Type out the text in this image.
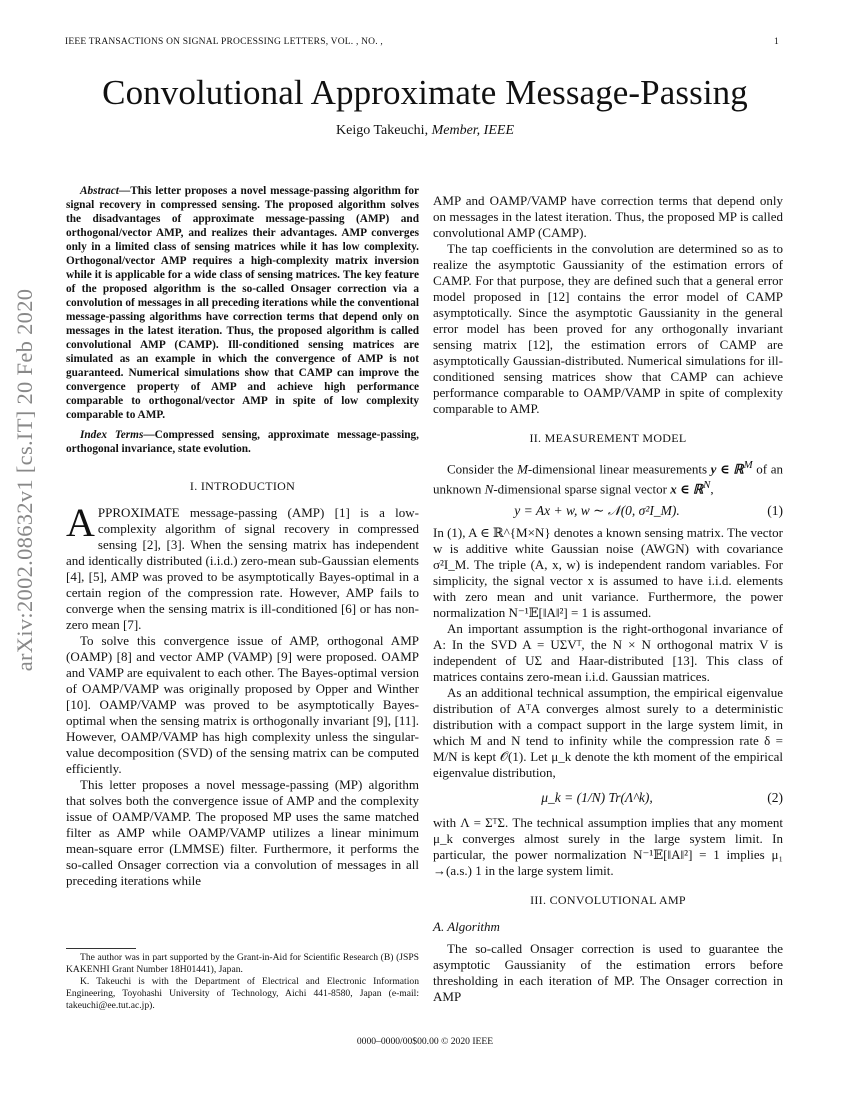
IEEE TRANSACTIONS ON SIGNAL PROCESSING LETTERS, VOL. , NO. ,	1
arXiv:2002.08632v1 [cs.IT] 20 Feb 2020
Convolutional Approximate Message-Passing
Keigo Takeuchi, Member, IEEE

Abstract—This letter proposes a novel message-passing algorithm for signal recovery in compressed sensing. The proposed algorithm solves the disadvantages of approximate message-passing (AMP) and orthogonal/vector AMP, and realizes their advantages. AMP converges only in a limited class of sensing matrices while it has low complexity. Orthogonal/vector AMP requires a high-complexity matrix inversion while it is applicable for a wide class of sensing matrices. The key feature of the proposed algorithm is the so-called Onsager correction via a convolution of messages in all preceding iterations while the conventional message-passing algorithms have correction terms that depend only on messages in the latest iteration. Thus, the proposed algorithm is called convolutional AMP (CAMP). Ill-conditioned sensing matrices are simulated as an example in which the convergence of AMP is not guaranteed. Numerical simulations show that CAMP can improve the convergence property of AMP and achieve high performance comparable to orthogonal/vector AMP in spite of low complexity comparable to AMP.

Index Terms—Compressed sensing, approximate message-passing, orthogonal invariance, state evolution.

I. INTRODUCTION

APPROXIMATE message-passing (AMP) [1] is a low-complexity algorithm of signal recovery in compressed sensing [2], [3]. When the sensing matrix has independent and identically distributed (i.i.d.) zero-mean sub-Gaussian elements [4], [5], AMP was proved to be asymptotically Bayes-optimal in a certain region of the compression rate. However, AMP fails to converge when the sensing matrix is ill-conditioned [6] or has non-zero mean [7].

To solve this convergence issue of AMP, orthogonal AMP (OAMP) [8] and vector AMP (VAMP) [9] were proposed. OAMP and VAMP are equivalent to each other. The Bayes-optimal version of OAMP/VAMP was originally proposed by Opper and Winther [10]. OAMP/VAMP was proved to be asymptotically Bayes-optimal when the sensing matrix is orthogonally invariant [9], [11]. However, OAMP/VAMP has high complexity unless the singular-value decomposition (SVD) of the sensing matrix can be computed efficiently.

This letter proposes a novel message-passing (MP) algorithm that solves both the convergence issue of AMP and the complexity issue of OAMP/VAMP. The proposed MP uses the same matched filter as AMP while OAMP/VAMP utilizes a linear minimum mean-square error (LMMSE) filter. Furthermore, it performs the so-called Onsager correction via a convolution of messages in all preceding iterations while

The author was in part supported by the Grant-in-Aid for Scientific Research (B) (JSPS KAKENHI Grant Number 18H01441), Japan.

K. Takeuchi is with the Department of Electrical and Electronic Information Engineering, Toyohashi University of Technology, Aichi 441-8580, Japan (e-mail: takeuchi@ee.tut.ac.jp).

AMP and OAMP/VAMP have correction terms that depend only on messages in the latest iteration. Thus, the proposed MP is called convolutional AMP (CAMP).

The tap coefficients in the convolution are determined so as to realize the asymptotic Gaussianity of the estimation errors of CAMP. For that purpose, they are defined such that a general error model proposed in [12] contains the error model of CAMP asymptotically. Since the asymptotic Gaussianity in the general error model has been proved for any orthogonally invariant sensing matrix [12], the estimation errors of CAMP are asymptotically Gaussian-distributed. Numerical simulations for ill-conditioned sensing matrices show that CAMP can achieve performance comparable to OAMP/VAMP in spite of complexity comparable to AMP.

II. MEASUREMENT MODEL

Consider the M-dimensional linear measurements y ∈ ℝ$^M$ of an unknown N-dimensional sparse signal vector x ∈ ℝ$^N$,

y = Ax + w, w ∼ 𝒩(0, σ²I_M).	(1)

In (1), A ∈ ℝ^{M×N} denotes a known sensing matrix. The vector w is additive white Gaussian noise (AWGN) with covariance σ²I_M. The triple (A, x, w) is independent random variables. For simplicity, the signal vector x is assumed to have i.i.d. elements with zero mean and unit variance. Furthermore, the power normalization N⁻¹𝔼[‖A‖²] = 1 is assumed.

An important assumption is the right-orthogonal invariance of A: In the SVD A = UΣVᵀ, the N × N orthogonal matrix V is independent of UΣ and Haar-distributed [13]. This class of matrices contains zero-mean i.i.d. Gaussian matrices.

As an additional technical assumption, the empirical eigenvalue distribution of AᵀA converges almost surely to a deterministic distribution with a compact support in the large system limit, in which M and N tend to infinity while the compression rate δ = M/N is kept 𝒪(1). Let μ_k denote the kth moment of the empirical eigenvalue distribution,

μ_k = (1/N) Tr(Λ^k),	(2)

with Λ = ΣᵀΣ. The technical assumption implies that any moment μ_k converges almost surely in the large system limit. In particular, the power normalization N⁻¹𝔼[‖A‖²] = 1 implies μ₁ →(a.s.) 1 in the large system limit.

III. CONVOLUTIONAL AMP

A. Algorithm

The so-called Onsager correction is used to guarantee the asymptotic Gaussianity of the estimation errors before thresholding in each iteration of MP. The Onsager correction in AMP

0000–0000/00$00.00 © 2020 IEEE
